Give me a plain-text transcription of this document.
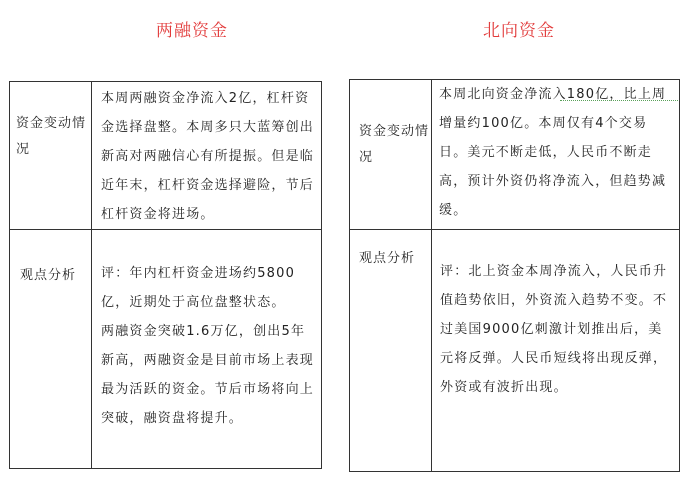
两融资金	北向资金
资金变动情况	本周两融资金净流入2亿，杠杆资金选择盘整。本周多只大蓝筹创出新高对两融信心有所提振。但是临近年末，杠杆资金选择避险，节后杠杆资金将进场。

观点分析	评：年内杠杆资金进场约5800亿，近期处于高位盘整状态。

两融资金突破1.6万亿，创出5年新高，两融资金是目前市场上表现最为活跃的资金。节后市场将向上突破，融资盘将提升。

资金变动情况	本周北向资金净流入180亿，比上周增量约100亿。本周仅有4个交易日。美元不断走低，人民币不断走高，预计外资仍将净流入，但趋势减缓。

观点分析	评：北上资金本周净流入，人民币升值趋势依旧，外资流入趋势不变。不过美国9000亿刺激计划推出后，美元将反弹。人民币短线将出现反弹，外资或有波折出现。
